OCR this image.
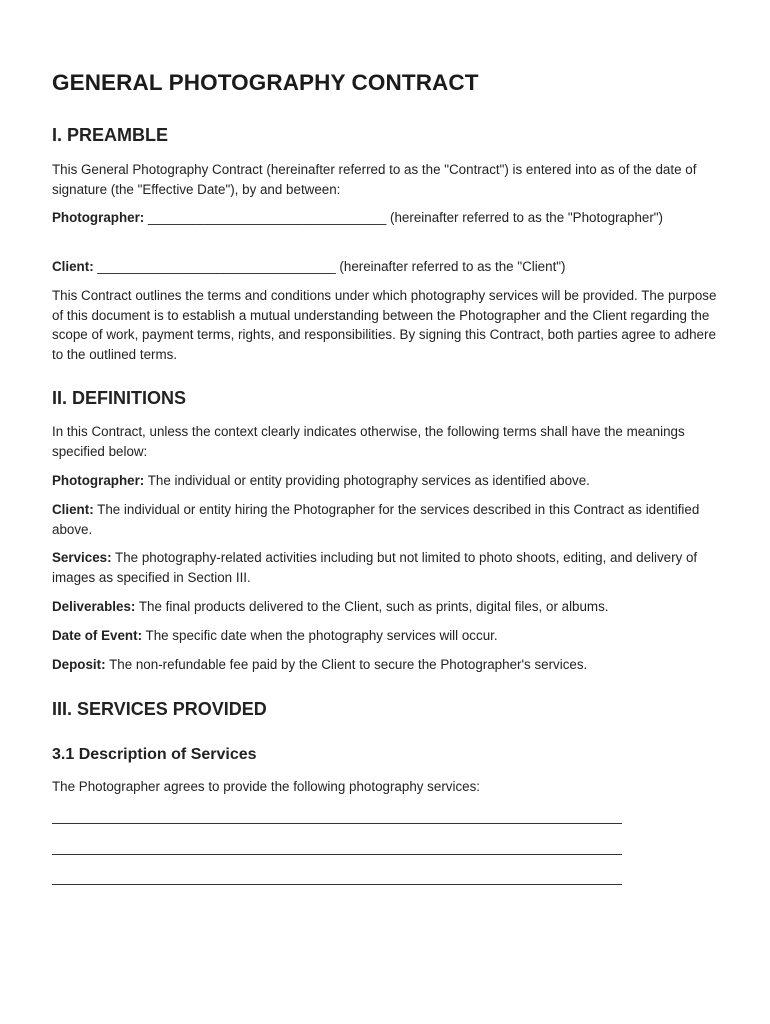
GENERAL PHOTOGRAPHY CONTRACT
I. PREAMBLE

This General Photography Contract (hereinafter referred to as the "Contract") is entered into as of the date of signature (the "Effective Date"), by and between:

Photographer: ________________________________ (hereinafter referred to as the "Photographer")

Client: ________________________________ (hereinafter referred to as the "Client")

This Contract outlines the terms and conditions under which photography services will be provided. The purpose of this document is to establish a mutual understanding between the Photographer and the Client regarding the scope of work, payment terms, rights, and responsibilities. By signing this Contract, both parties agree to adhere to the outlined terms.

II. DEFINITIONS

In this Contract, unless the context clearly indicates otherwise, the following terms shall have the meanings specified below:

Photographer: The individual or entity providing photography services as identified above.

Client: The individual or entity hiring the Photographer for the services described in this Contract as identified above.

Services: The photography-related activities including but not limited to photo shoots, editing, and delivery of images as specified in Section III.

Deliverables: The final products delivered to the Client, such as prints, digital files, or albums.

Date of Event: The specific date when the photography services will occur.

Deposit: The non-refundable fee paid by the Client to secure the Photographer's services.

III. SERVICES PROVIDED
3.1 Description of Services

The Photographer agrees to provide the following photography services:
